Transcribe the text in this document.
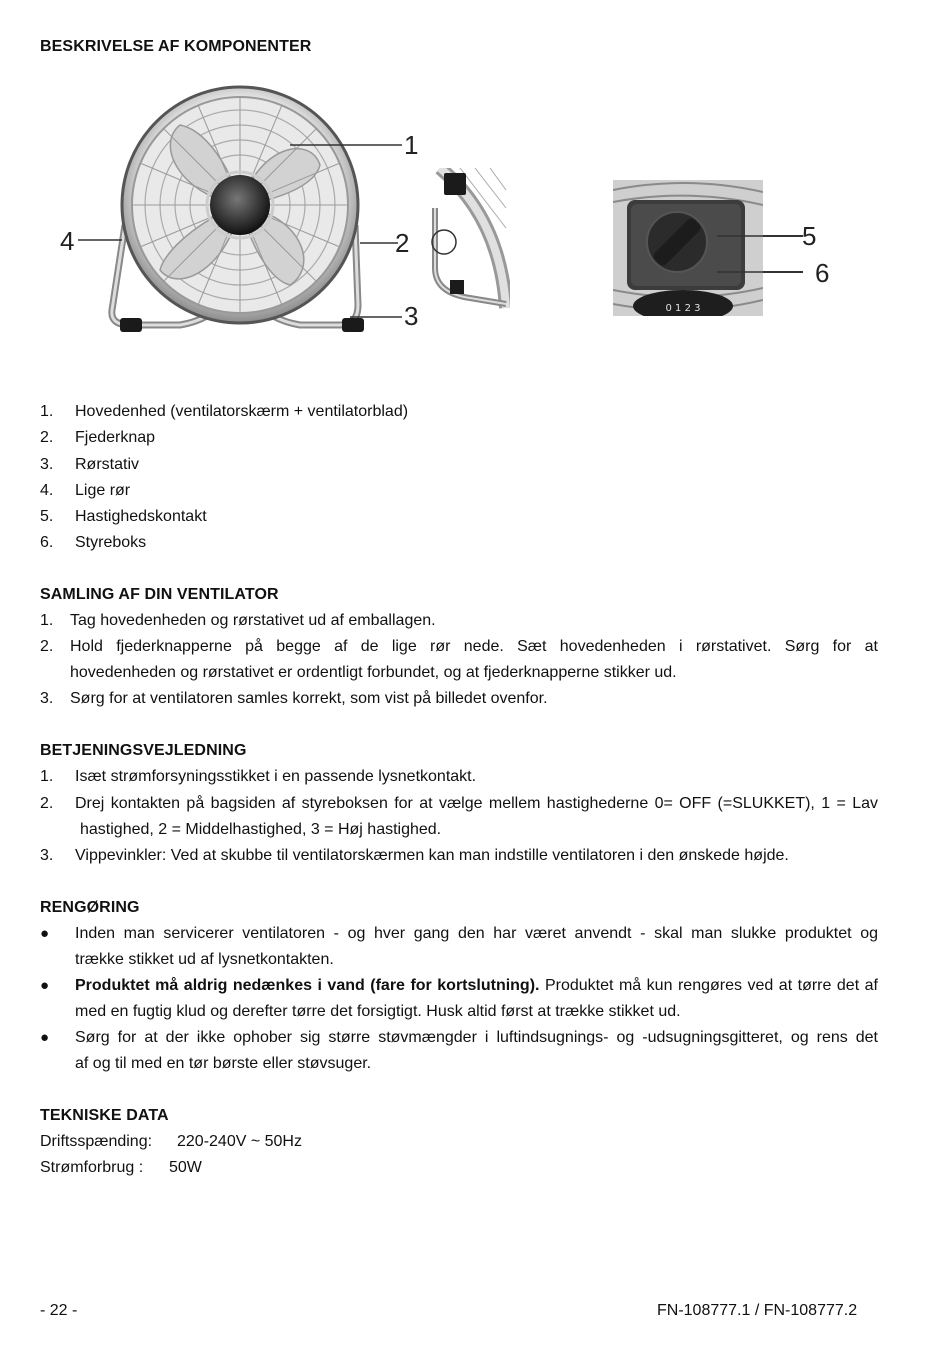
BESKRIVELSE AF KOMPONENTER
1
2
3
4
0 1 2 3
5
6
1. Hovedenhed (ventilatorskærm + ventilatorblad)
2. Fjederknap
3. Rørstativ
4. Lige rør
5. Hastighedskontakt
6. Styreboks
SAMLING AF DIN VENTILATOR
1. Tag hovedenheden og rørstativet ud af emballagen.
2. Hold fjederknapperne på begge af de lige rør nede. Sæt hovedenheden i rørstativet. Sørg for at
hovedenheden og rørstativet er ordentligt forbundet, og at fjederknapperne stikker ud.
3. Sørg for at ventilatoren samles korrekt, som vist på billedet ovenfor.
BETJENINGSVEJLEDNING
1. Isæt strømforsyningsstikket i en passende lysnetkontakt.
2. Drej kontakten på bagsiden af styreboksen for at vælge mellem hastighederne 0= OFF (=SLUKKET), 1 = Lav
hastighed, 2 = Middelhastighed, 3 = Høj hastighed.
3. Vippevinkler: Ved at skubbe til ventilatorskærmen kan man indstille ventilatoren i den ønskede højde.
RENGØRING
● Inden man servicerer ventilatoren - og hver gang den har været anvendt - skal man slukke produktet og
trække stikket ud af lysnetkontakten.
● Produktet må aldrig nedænkes i vand (fare for kortslutning). Produktet må kun rengøres ved at tørre det af
med en fugtig klud og derefter tørre det forsigtigt. Husk altid først at trække stikket ud.
● Sørg for at der ikke ophober sig større støvmængder i luftindsugnings- og -udsugningsgitteret, og rens det
af og til med en tør børste eller støvsuger.
TEKNISKE DATA
Driftsspænding: 220-240V ~ 50Hz
Strømforbrug : 50W
- 22 -	FN-108777.1 / FN-108777.2
